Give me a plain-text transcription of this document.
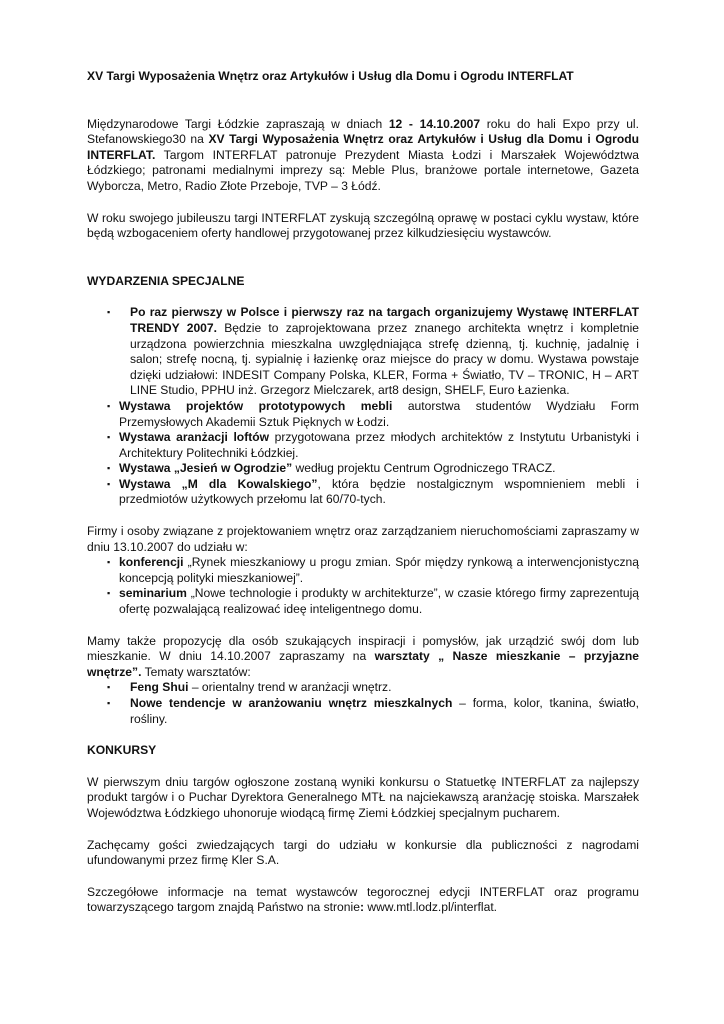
XV Targi Wyposażenia Wnętrz oraz Artykułów i Usług dla Domu i Ogrodu INTERFLAT

Międzynarodowe Targi Łódzkie zapraszają w dniach 12 - 14.10.2007 roku do hali Expo przy ul. Stefanowskiego30 na XV Targi Wyposażenia Wnętrz oraz Artykułów i Usług dla Domu i Ogrodu INTERFLAT. Targom INTERFLAT patronuje Prezydent Miasta Łodzi i Marszałek Województwa Łódzkiego; patronami medialnymi imprezy są: Meble Plus, branżowe portale internetowe, Gazeta Wyborcza, Metro, Radio Złote Przeboje, TVP – 3 Łódź.

W roku swojego jubileuszu targi INTERFLAT zyskują szczególną oprawę w postaci cyklu wystaw, które będą wzbogaceniem oferty handlowej przygotowanej przez kilkudziesięciu wystawców.

WYDARZENIA SPECJALNE

▪ Po raz pierwszy w Polsce i pierwszy raz na targach organizujemy Wystawę INTERFLAT TRENDY 2007. Będzie to zaprojektowana przez znanego architekta wnętrz i kompletnie urządzona powierzchnia mieszkalna uwzględniająca strefę dzienną, tj. kuchnię, jadalnię i salon; strefę nocną, tj. sypialnię i łazienkę oraz miejsce do pracy w domu. Wystawa powstaje dzięki udziałowi: INDESIT Company Polska, KLER, Forma + Światło, TV – TRONIC, H – ART LINE Studio, PPHU inż. Grzegorz Mielczarek, art8 design, SHELF, Euro Łazienka.
▪ Wystawa projektów prototypowych mebli autorstwa studentów Wydziału Form Przemysłowych Akademii Sztuk Pięknych w Łodzi.
▪ Wystawa aranżacji loftów przygotowana przez młodych architektów z Instytutu Urbanistyki i Architektury Politechniki Łódzkiej.
▪ Wystawa „Jesień w Ogrodzie” według projektu Centrum Ogrodniczego TRACZ.
▪ Wystawa „M dla Kowalskiego”, która będzie nostalgicznym wspomnieniem mebli i przedmiotów użytkowych przełomu lat 60/70-tych.

Firmy i osoby związane z projektowaniem wnętrz oraz zarządzaniem nieruchomościami zapraszamy w dniu 13.10.2007 do udziału w:

▪ konferencji „Rynek mieszkaniowy u progu zmian. Spór między rynkową a interwencjonistyczną koncepcją polityki mieszkaniowej”.
▪ seminarium „Nowe technologie i produkty w architekturze”, w czasie którego firmy zaprezentują ofertę pozwalającą realizować ideę inteligentnego domu.

Mamy także propozycję dla osób szukających inspiracji i pomysłów, jak urządzić swój dom lub mieszkanie. W dniu 14.10.2007 zapraszamy na warsztaty „ Nasze mieszkanie – przyjazne wnętrze”. Tematy warsztatów:

▪ Feng Shui – orientalny trend w aranżacji wnętrz.
▪ Nowe tendencje w aranżowaniu wnętrz mieszkalnych – forma, kolor, tkanina, światło, rośliny.

KONKURSY

W pierwszym dniu targów ogłoszone zostaną wyniki konkursu o Statuetkę INTERFLAT za najlepszy produkt targów i o Puchar Dyrektora Generalnego MTŁ na najciekawszą aranżację stoiska. Marszałek Województwa Łódzkiego uhonoruje wiodącą firmę Ziemi Łódzkiej specjalnym pucharem.

Zachęcamy gości zwiedzających targi do udziału w konkursie dla publiczności z nagrodami ufundowanymi przez firmę Kler S.A.

Szczegółowe informacje na temat wystawców tegorocznej edycji INTERFLAT oraz programu towarzyszącego targom znajdą Państwo na stronie: www.mtl.lodz.pl/interflat.
